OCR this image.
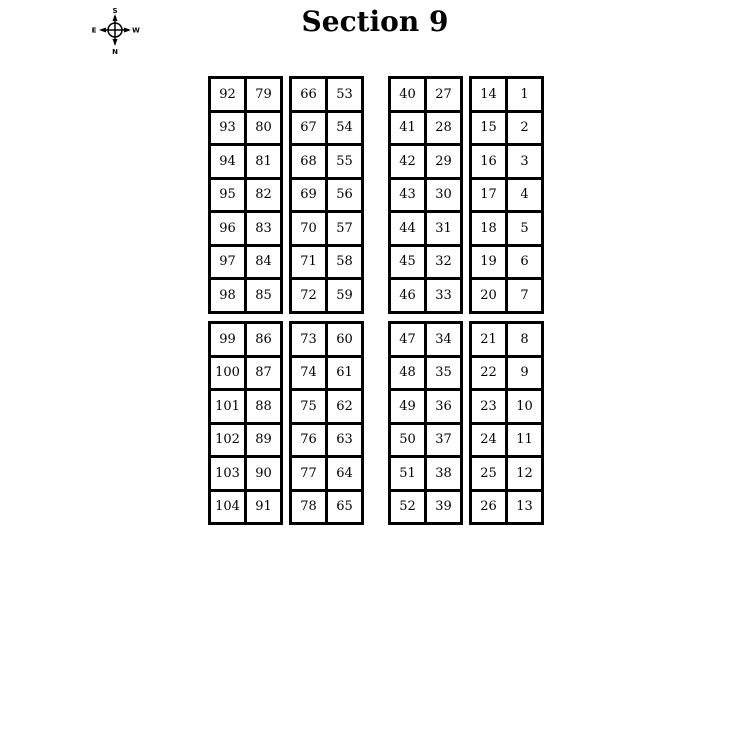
Section 9
S
N
E	W
92	79
93	80
94	81
95	82
96	83
97	84
98	85
66	53
67	54
68	55
69	56
70	57
71	58
72	59
40	27
41	28
42	29
43	30
44	31
45	32
46	33
14	1
15	2
16	3
17	4
18	5
19	6
20	7
99	86
100	87
101	88
102	89
103	90
104	91
73	60
74	61
75	62
76	63
77	64
78	65
47	34
48	35
49	36
50	37
51	38
52	39
21	8
22	9
23	10
24	11
25	12
26	13
